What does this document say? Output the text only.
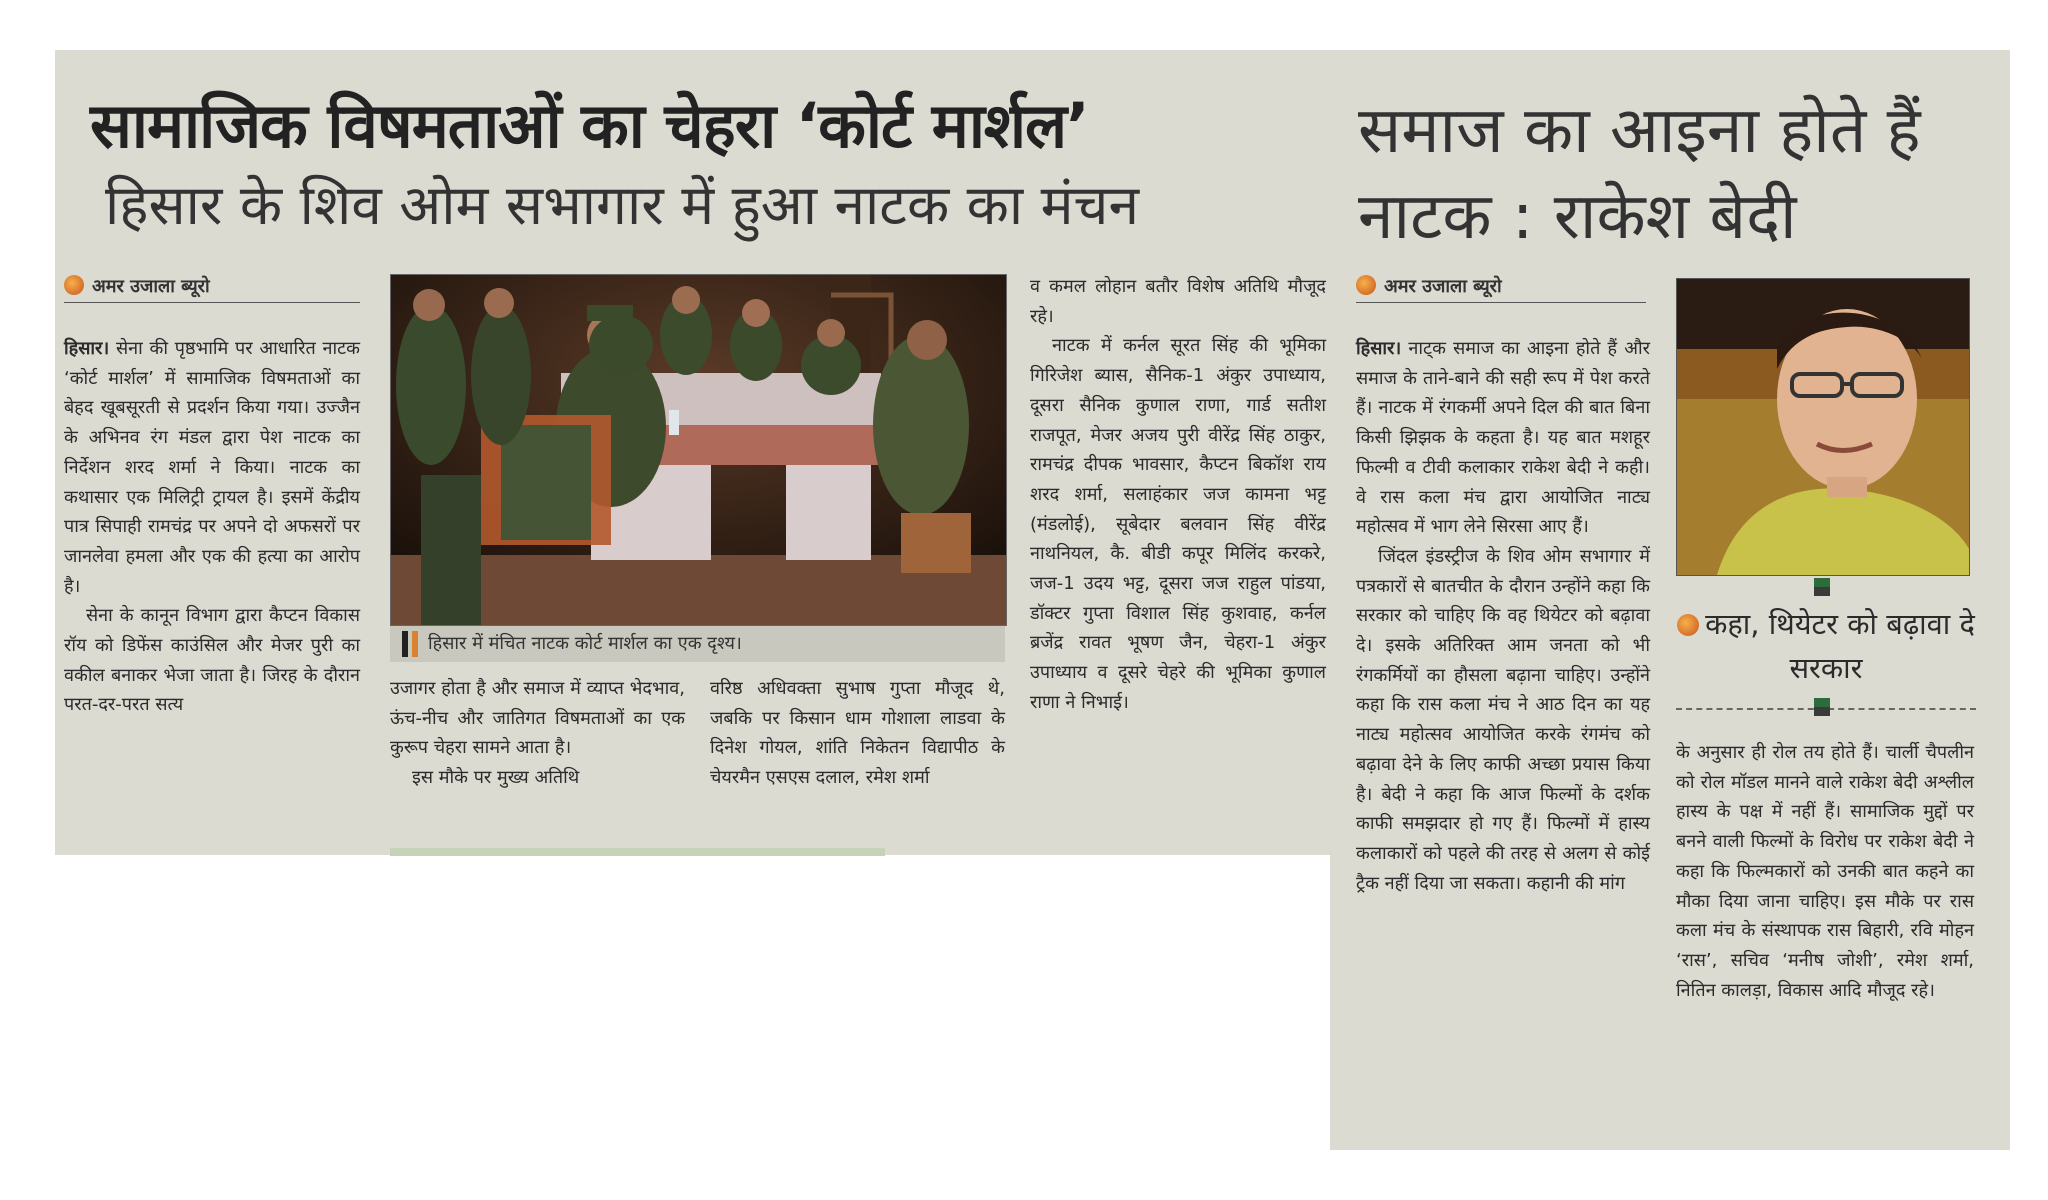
सामाजिक विषमताओं का चेहरा ‘कोर्ट मार्शल’
हिसार के शिव ओम सभागार में हुआ नाटक का मंचन
अमर उजाला ब्यूरो
हिसार। सेना की पृष्ठभामि पर आधारित नाटक ‘कोर्ट मार्शल’ में सामाजिक विषमताओं का बेहद खूबसूरती से प्रदर्शन किया गया। उज्जैन के अभिनव रंग मंडल द्वारा पेश नाटक का निर्देशन शरद शर्मा ने किया। नाटक का कथासार एक मिलिट्री ट्रायल है। इसमें केंद्रीय पात्र सिपाही रामचंद्र पर अपने दो अफसरों पर जानलेवा हमला और एक की हत्या का आरोप है।
सेना के कानून विभाग द्वारा कैप्टन विकास रॉय को डिफेंस काउंसिल और मेजर पुरी का वकील बनाकर भेजा जाता है। जिरह के दौरान परत-दर-परत सत्य
हिसार में मंचित नाटक कोर्ट मार्शल का एक दृश्य।
उजागर होता है और समाज में व्याप्त भेदभाव, ऊंच-नीच और जातिगत विषमताओं का एक कुरूप चेहरा सामने आता है।
इस मौके पर मुख्य अतिथि
वरिष्ठ अधिवक्ता सुभाष गुप्ता मौजूद थे, जबकि पर किसान धाम गोशाला लाडवा के दिनेश गोयल, शांति निकेतन विद्यापीठ के चेयरमैन एसएस दलाल, रमेश शर्मा
व कमल लोहान बतौर विशेष अतिथि मौजूद रहे।
नाटक में कर्नल सूरत सिंह की भूमिका गिरिजेश ब्यास, सैनिक-1 अंकुर उपाध्याय, दूसरा सैनिक कुणाल राणा, गार्ड सतीश राजपूत, मेजर अजय पुरी वीरेंद्र सिंह ठाकुर, रामचंद्र दीपक भावसार, कैप्टन बिकॉश राय शरद शर्मा, सलाहंकार जज कामना भट्ट (मंडलोई), सूबेदार बलवान सिंह वीरेंद्र नाथनियल, कै. बीडी कपूर मिलिंद करकरे, जज-1 उदय भट्ट, दूसरा जज राहुल पांडया, डॉक्टर गुप्ता विशाल सिंह कुशवाह, कर्नल ब्रजेंद्र रावत भूषण जैन, चेहरा-1 अंकुर उपाध्याय व दूसरे चेहरे की भूमिका कुणाल राणा ने निभाई।
समाज का आइना होते हैं नाटक : राकेश बेदी
अमर उजाला ब्यूरो
हिसार। नाट्क समाज का आइना होते हैं और समाज के ताने-बाने की सही रूप में पेश करते हैं। नाटक में रंगकर्मी अपने दिल की बात बिना किसी झिझक के कहता है। यह बात मशहूर फिल्मी व टीवी कलाकार राकेश बेदी ने कही। वे रास कला मंच द्वारा आयोजित नाट्य महोत्सव में भाग लेने सिरसा आए हैं।
जिंदल इंडस्ट्रीज के शिव ओम सभागार में पत्रकारों से बातचीत के दौरान उन्होंने कहा कि सरकार को चाहिए कि वह थियेटर को बढ़ावा दे। इसके अतिरिक्त आम जनता को भी रंगकर्मियों का हौसला बढ़ाना चाहिए। उन्होंने कहा कि रास कला मंच ने आठ दिन का यह नाट्य महोत्सव आयोजित करके रंगमंच को बढ़ावा देने के लिए काफी अच्छा प्रयास किया है। बेदी ने कहा कि आज फिल्मों के दर्शक काफी समझदार हो गए हैं। फिल्मों में हास्य कलाकारों को पहले की तरह से अलग से कोई ट्रैक नहीं दिया जा सकता। कहानी की मांग

कहा, थियेटर को बढ़ावा दे सरकार

के अनुसार ही रोल तय होते हैं। चार्ली चैपलीन को रोल मॉडल मानने वाले राकेश बेदी अश्लील हास्य के पक्ष में नहीं हैं। सामाजिक मुद्दों पर बनने वाली फिल्मों के विरोध पर राकेश बेदी ने कहा कि फिल्मकारों को उनकी बात कहने का मौका दिया जाना चाहिए। इस मौके पर रास कला मंच के संस्थापक रास बिहारी, रवि मोहन ‘रास’, सचिव ‘मनीष जोशी’, रमेश शर्मा, नितिन कालड़ा, विकास आदि मौजूद रहे।
